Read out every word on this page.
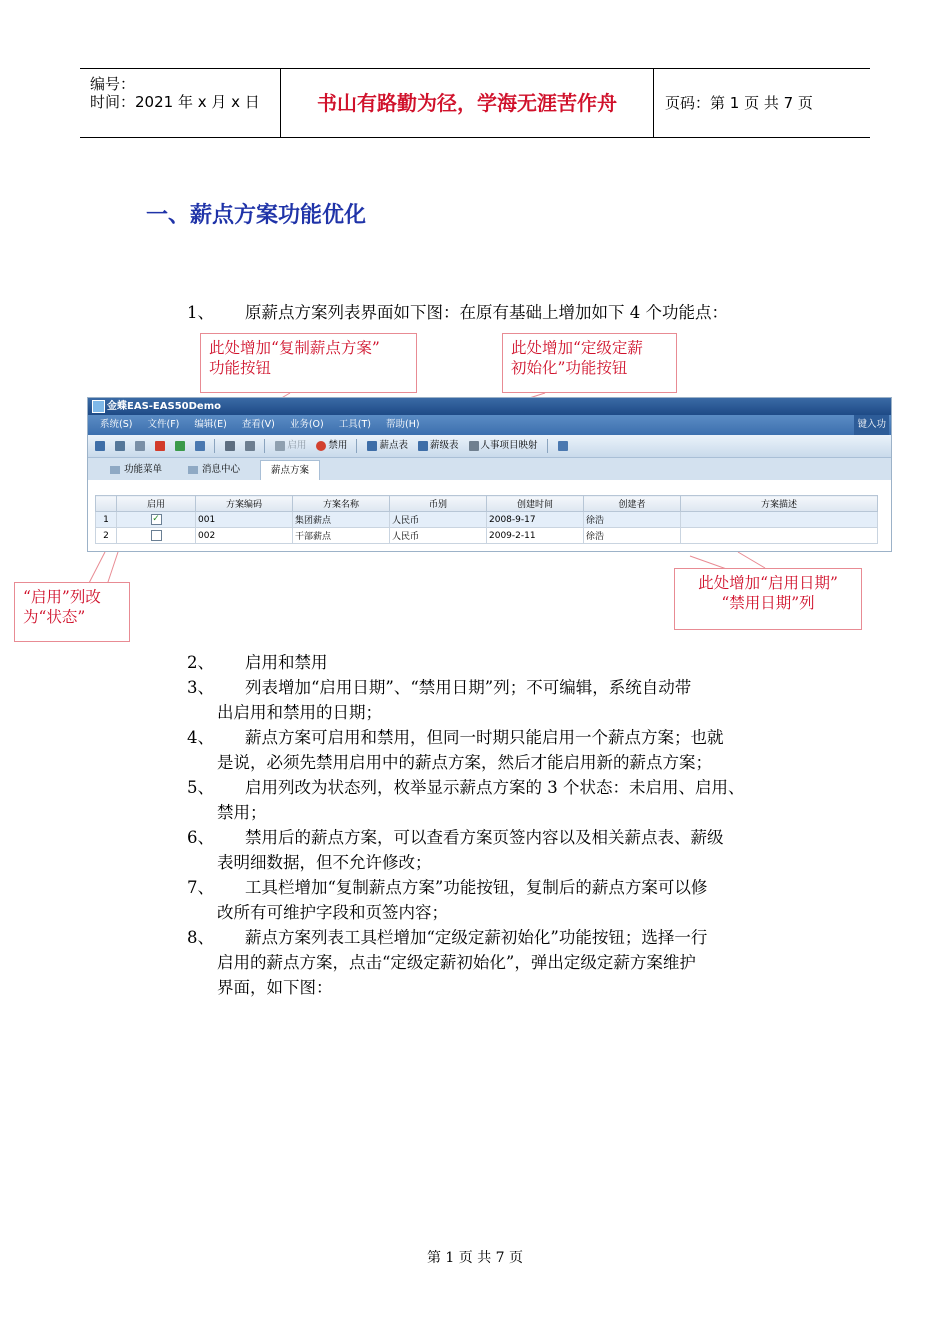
编号：
时间：2021 年 x 月 x 日	书山有路勤为径，学海无涯苦作舟	页码：第 1 页 共 7 页
一、薪点方案功能优化
1、 原薪点方案列表界面如下图：在原有基础上增加如下 4 个功能点：
此处增加“复制薪点方案”
功能按钮
此处增加“定级定薪
初始化”功能按钮
金蝶EAS-EAS50Demo
系统(S) 文件(F) 编辑(E) 查看(V) 业务(O) 工具(T) 帮助(H)	键入功
启用 禁用	薪点表 薪级表 人事项目映射
功能菜单	消息中心	薪点方案
	启用	方案编码	方案名称	币别	创建时间	创建者	方案描述
1	✓	001	集团薪点	人民币	2008-9-17	徐浩	
2		002	干部薪点	人民币	2009-2-11	徐浩	
“启用”列改
为“状态”
此处增加“启用日期”
“禁用日期”列
2、 启用和禁用
3、 列表增加“启用日期”、“禁用日期”列；不可编辑，系统自动带
出启用和禁用的日期；
4、 薪点方案可启用和禁用，但同一时期只能启用一个薪点方案；也就
是说，必须先禁用启用中的薪点方案，然后才能启用新的薪点方案；
5、 启用列改为状态列，枚举显示薪点方案的 3 个状态：未启用、启用、
禁用；
6、 禁用后的薪点方案，可以查看方案页签内容以及相关薪点表、薪级
表明细数据，但不允许修改；
7、 工具栏增加“复制薪点方案”功能按钮，复制后的薪点方案可以修
改所有可维护字段和页签内容；
8、 薪点方案列表工具栏增加“定级定薪初始化”功能按钮；选择一行
启用的薪点方案，点击“定级定薪初始化”，弹出定级定薪方案维护
界面，如下图：
第 1 页 共 7 页
